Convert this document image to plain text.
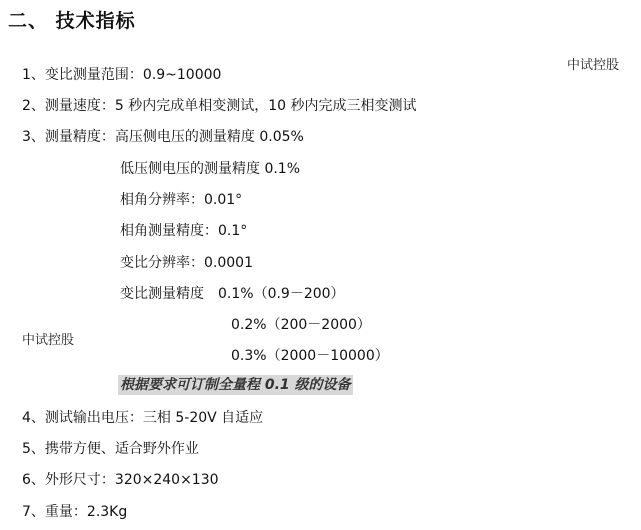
二、 技术指标
中试控股
1、变比测量范围：0.9~10000
2、测量速度：5 秒内完成单相变测试，10 秒内完成三相变测试
3、测量精度：高压侧电压的测量精度 0.05%
低压侧电压的测量精度 0.1%
相角分辨率：0.01°
相角测量精度：0.1°
变比分辨率：0.0001
变比测量精度　0.1%（0.9－200）
0.2%（200－2000）
中试控股
0.3%（2000－10000）
根据要求可订制全量程 0.1 级的设备
4、测试输出电压：三相 5-20V 自适应
5、携带方便、适合野外作业
6、外形尺寸：320×240×130
7、重量：2.3Kg
